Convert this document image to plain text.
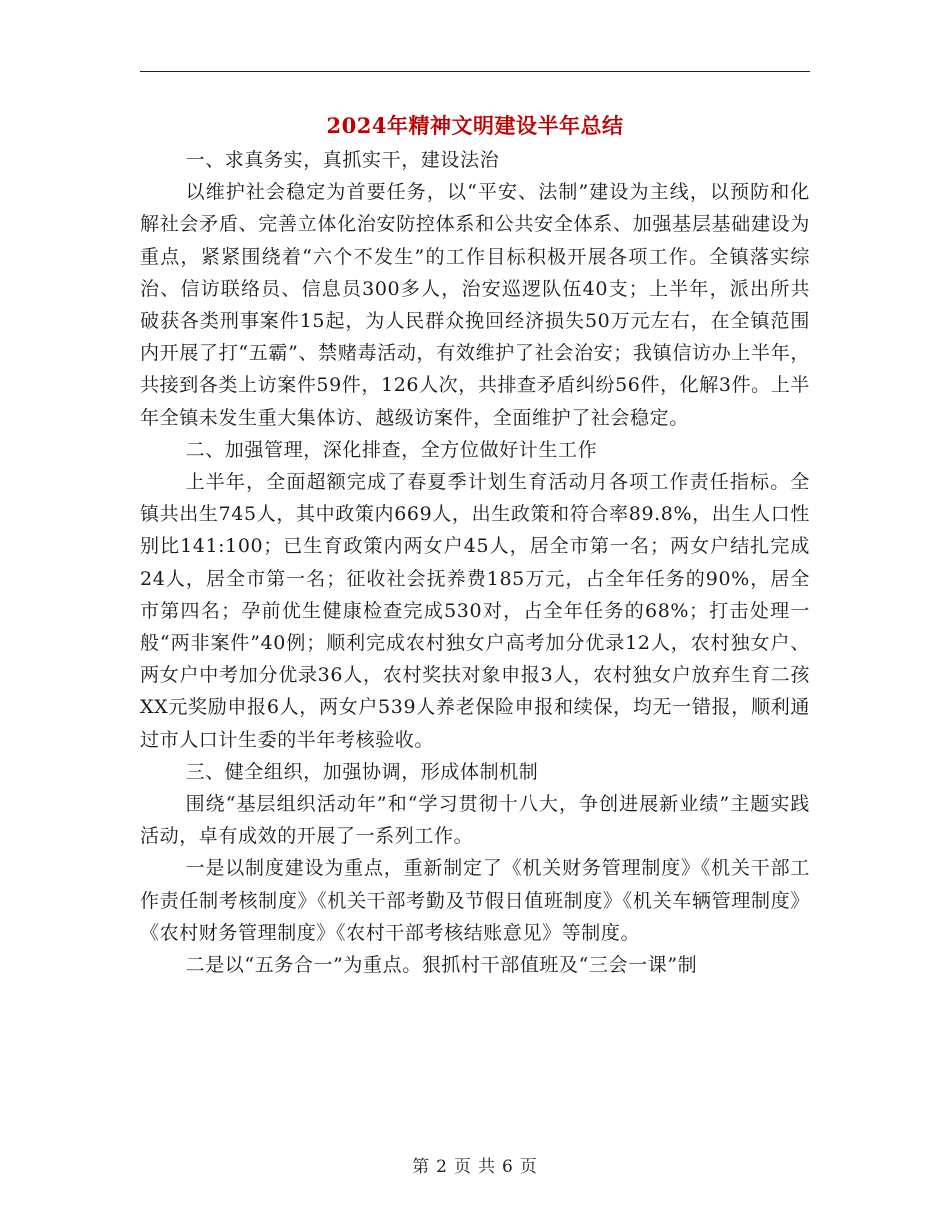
2024年精神文明建设半年总结

一、求真务实，真抓实干，建设法治

以维护社会稳定为首要任务，以“平安、法制”建设为主线，以预防和化解社会矛盾、完善立体化治安防控体系和公共安全体系、加强基层基础建设为重点，紧紧围绕着“六个不发生”的工作目标积极开展各项工作。全镇落实综治、信访联络员、信息员300多人，治安巡逻队伍40支；上半年，派出所共破获各类刑事案件15起，为人民群众挽回经济损失50万元左右，在全镇范围内开展了打“五霸”、禁赌毒活动，有效维护了社会治安；我镇信访办上半年，共接到各类上访案件59件，126人次，共排查矛盾纠纷56件，化解3件。上半年全镇未发生重大集体访、越级访案件，全面维护了社会稳定。

二、加强管理，深化排查，全方位做好计生工作

上半年，全面超额完成了春夏季计划生育活动月各项工作责任指标。全镇共出生745人，其中政策内669人，出生政策和符合率89.8%，出生人口性别比141:100；已生育政策内两女户45人，居全市第一名；两女户结扎完成24人，居全市第一名；征收社会抚养费185万元，占全年任务的90%，居全市第四名；孕前优生健康检查完成530对，占全年任务的68%；打击处理一般“两非案件”40例；顺利完成农村独女户高考加分优录12人，农村独女户、两女户中考加分优录36人，农村奖扶对象申报3人，农村独女户放弃生育二孩XX元奖励申报6人，两女户539人养老保险申报和续保，均无一错报，顺利通过市人口计生委的半年考核验收。

三、健全组织，加强协调，形成体制机制

围绕“基层组织活动年”和“学习贯彻十八大，争创进展新业绩”主题实践活动，卓有成效的开展了一系列工作。

一是以制度建设为重点，重新制定了《机关财务管理制度》《机关干部工作责任制考核制度》《机关干部考勤及节假日值班制度》《机关车辆管理制度》《农村财务管理制度》《农村干部考核结账意见》等制度。

二是以“五务合一”为重点。狠抓村干部值班及“三会一课”制

第 2 页 共 6 页
